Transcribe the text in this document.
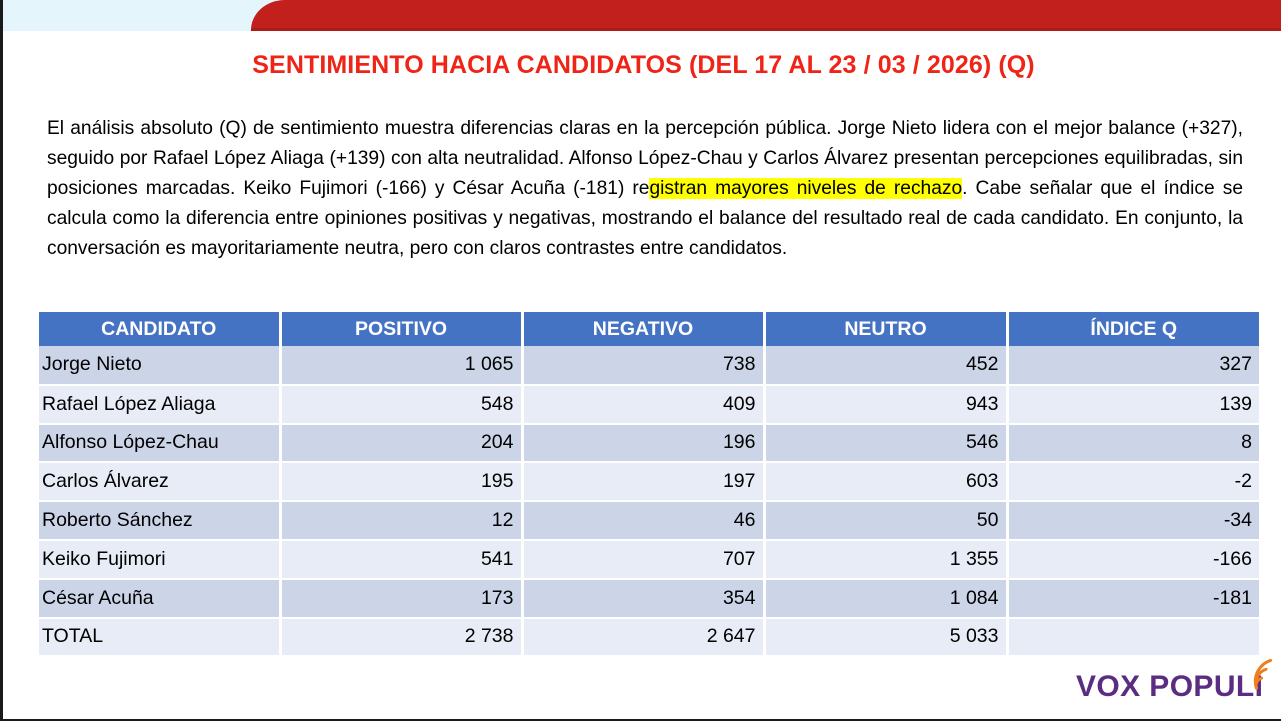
SENTIMIENTO HACIA CANDIDATOS (DEL 17 AL 23 / 03 / 2026) (Q)
El análisis absoluto (Q) de sentimiento muestra diferencias claras en la percepción pública. Jorge Nieto lidera con el mejor balance (+327), seguido por Rafael López Aliaga (+139) con alta neutralidad. Alfonso López-Chau y Carlos Álvarez presentan percepciones equilibradas, sin posiciones marcadas. Keiko Fujimori (-166) y César Acuña (-181) registran mayores niveles de rechazo. Cabe señalar que el índice se calcula como la diferencia entre opiniones positivas y negativas, mostrando el balance del resultado real de cada candidato. En conjunto, la conversación es mayoritariamente neutra, pero con claros contrastes entre candidatos.
CANDIDATO	POSITIVO	NEGATIVO	NEUTRO	ÍNDICE Q
Jorge Nieto	1 065	738	452	327
Rafael López Aliaga	548	409	943	139
Alfonso López-Chau	204	196	546	8
Carlos Álvarez	195	197	603	-2
Roberto Sánchez	12	46	50	-34
Keiko Fujimori	541	707	1 355	-166
César Acuña	173	354	1 084	-181
TOTAL	2 738	2 647	5 033	
VOX POPULI
